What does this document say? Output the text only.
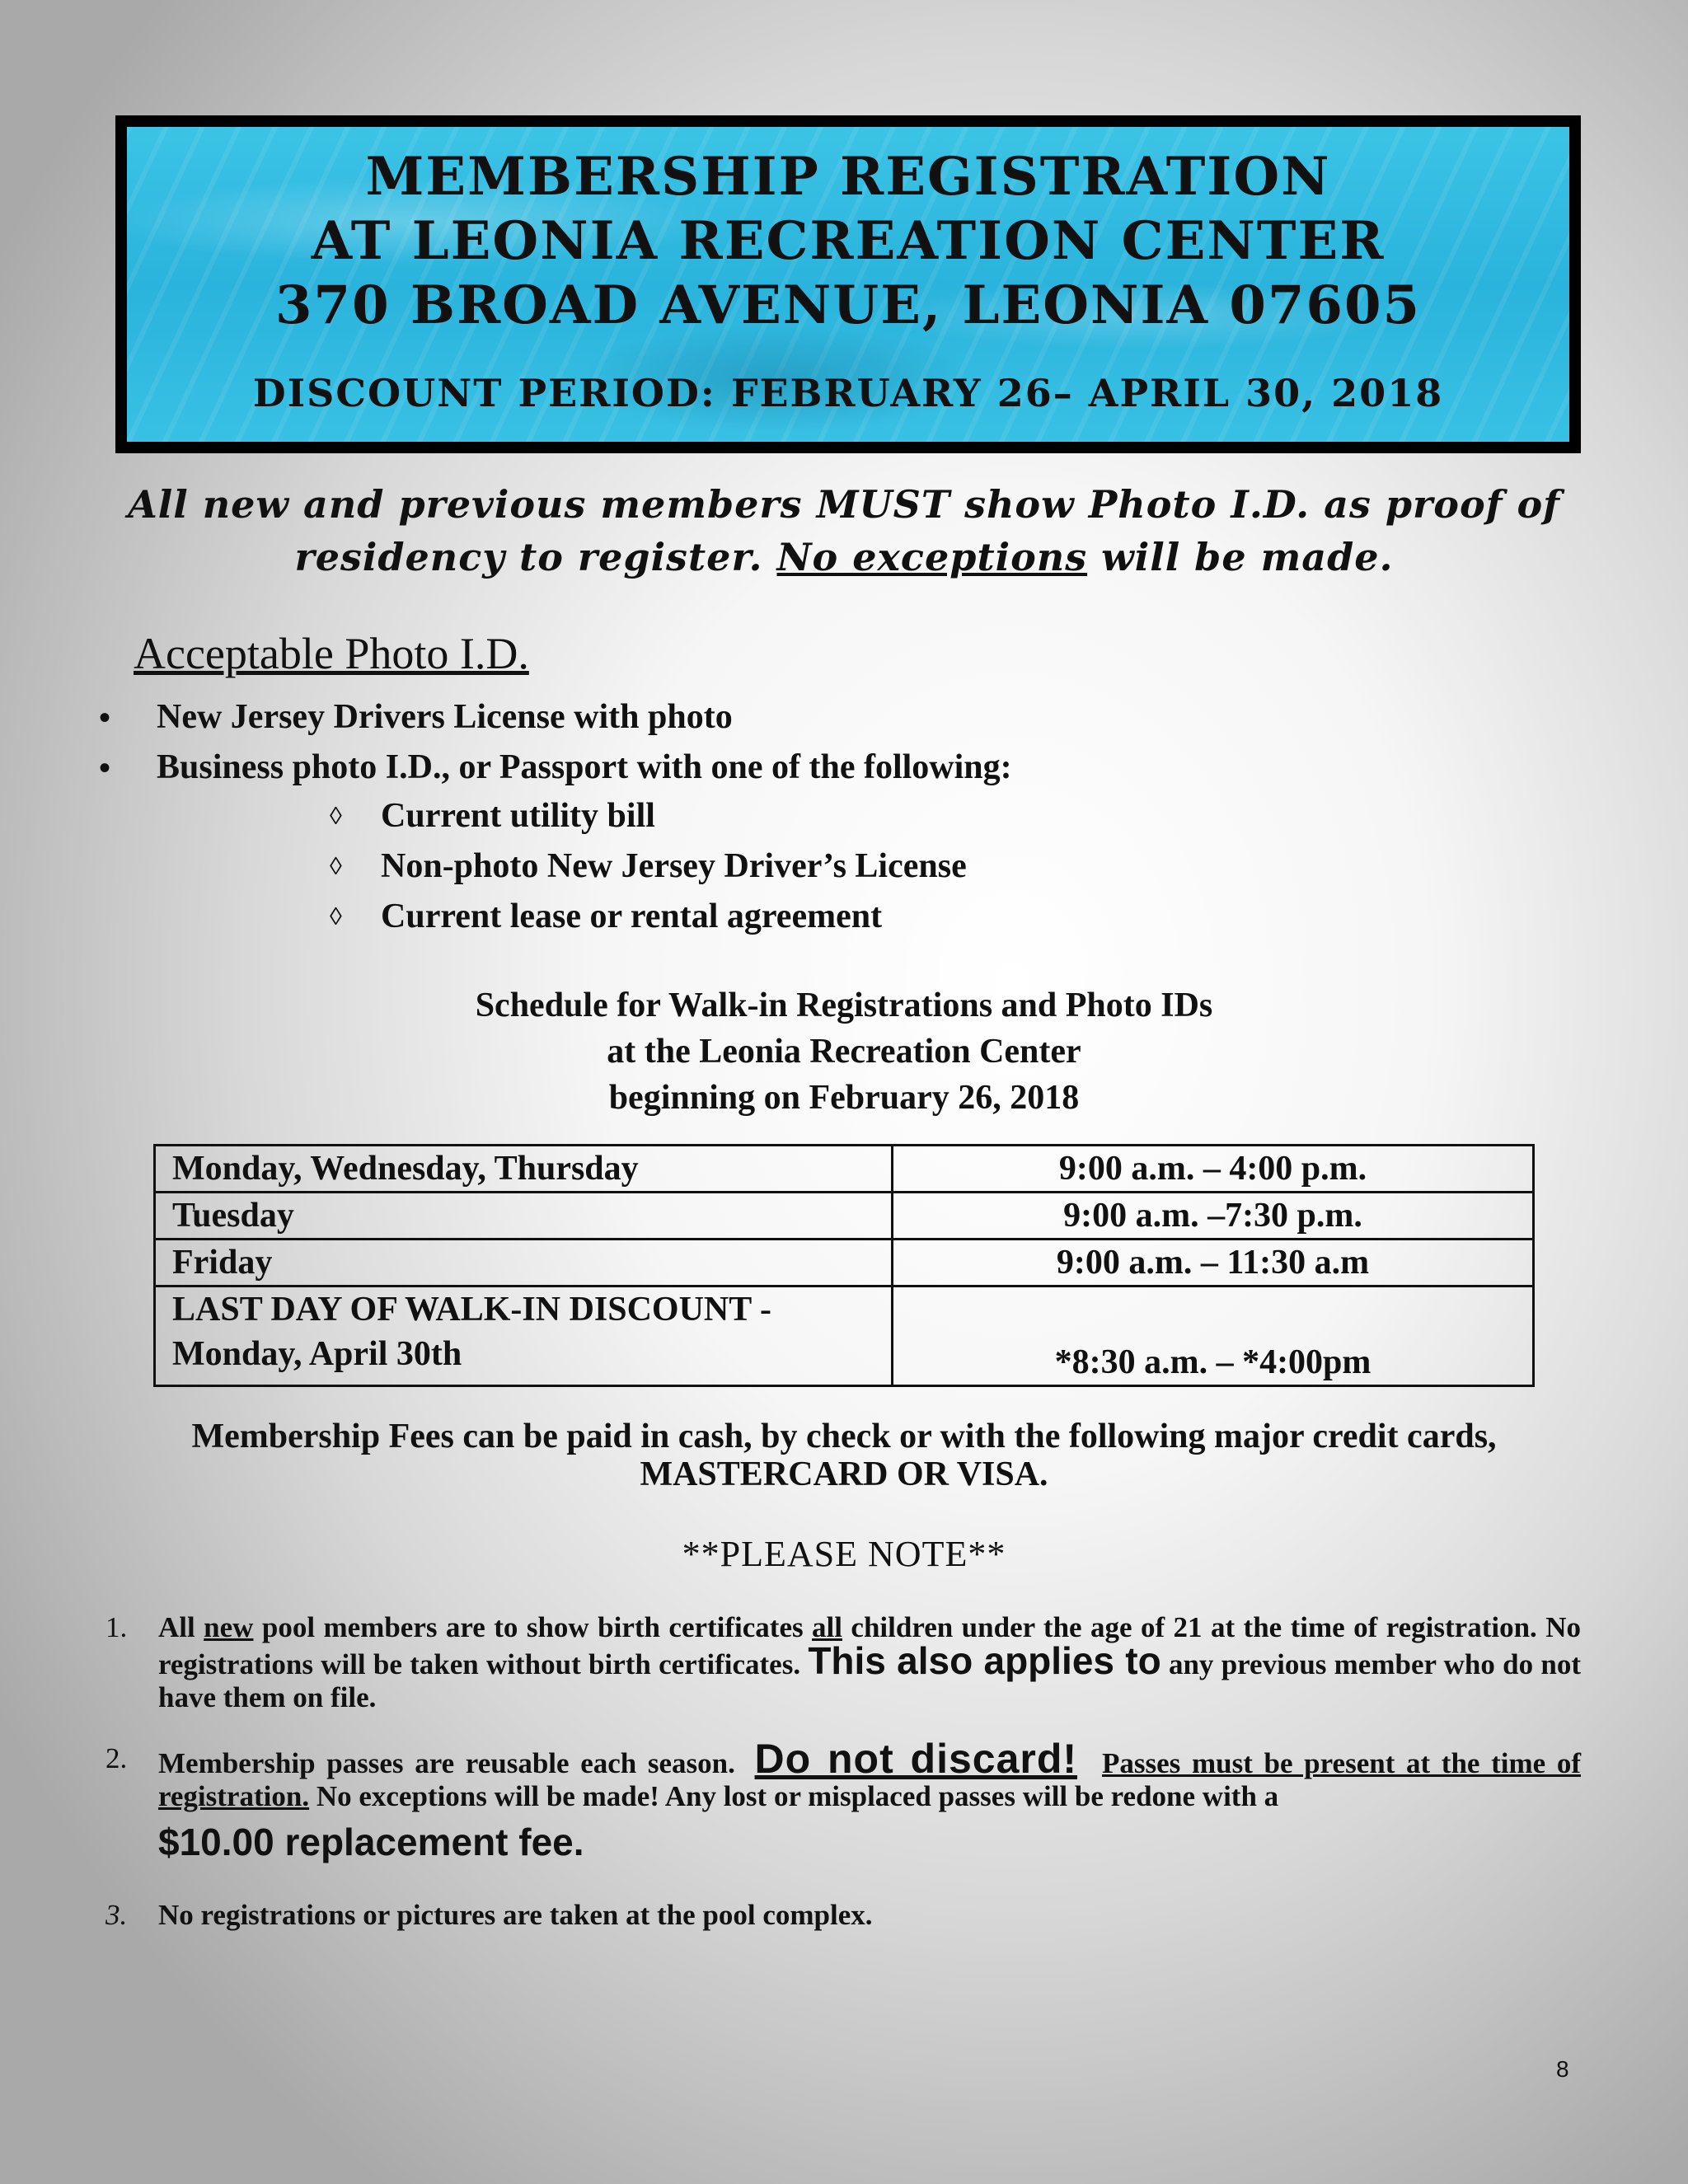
MEMBERSHIP REGISTRATION
AT LEONIA RECREATION CENTER
370 BROAD AVENUE, LEONIA 07605
DISCOUNT PERIOD: FEBRUARY 26– APRIL 30, 2018
All new and previous members MUST show Photo I.D. as proof of residency to register. No exceptions will be made.
Acceptable Photo I.D.
• New Jersey Drivers License with photo
• Business photo I.D., or Passport with one of the following:
◊ Current utility bill
◊ Non-photo New Jersey Driver’s License
◊ Current lease or rental agreement
Schedule for Walk-in Registrations and Photo IDs
at the Leonia Recreation Center
beginning on February 26, 2018
Monday, Wednesday, Thursday	9:00 a.m. – 4:00 p.m.
Tuesday	9:00 a.m. –7:30 p.m.
Friday	9:00 a.m. – 11:30 a.m

LAST DAY OF WALK-IN DISCOUNT -
Monday, April 30th	*8:30 a.m. – *4:00pm
Membership Fees can be paid in cash, by check or with the following major credit cards,
MASTERCARD OR VISA.
**PLEASE NOTE**
1. All new pool members are to show birth certificates all children under the age of 21 at the time of registration. No registrations will be taken without birth certificates. This also applies to any previous member who do not have them on file.
2. Membership passes are reusable each season. Do not discard! Passes must be present at the time of registration. No exceptions will be made! Any lost or misplaced passes will be redone with a
$10.00 replacement fee.
3. No registrations or pictures are taken at the pool complex.
8
